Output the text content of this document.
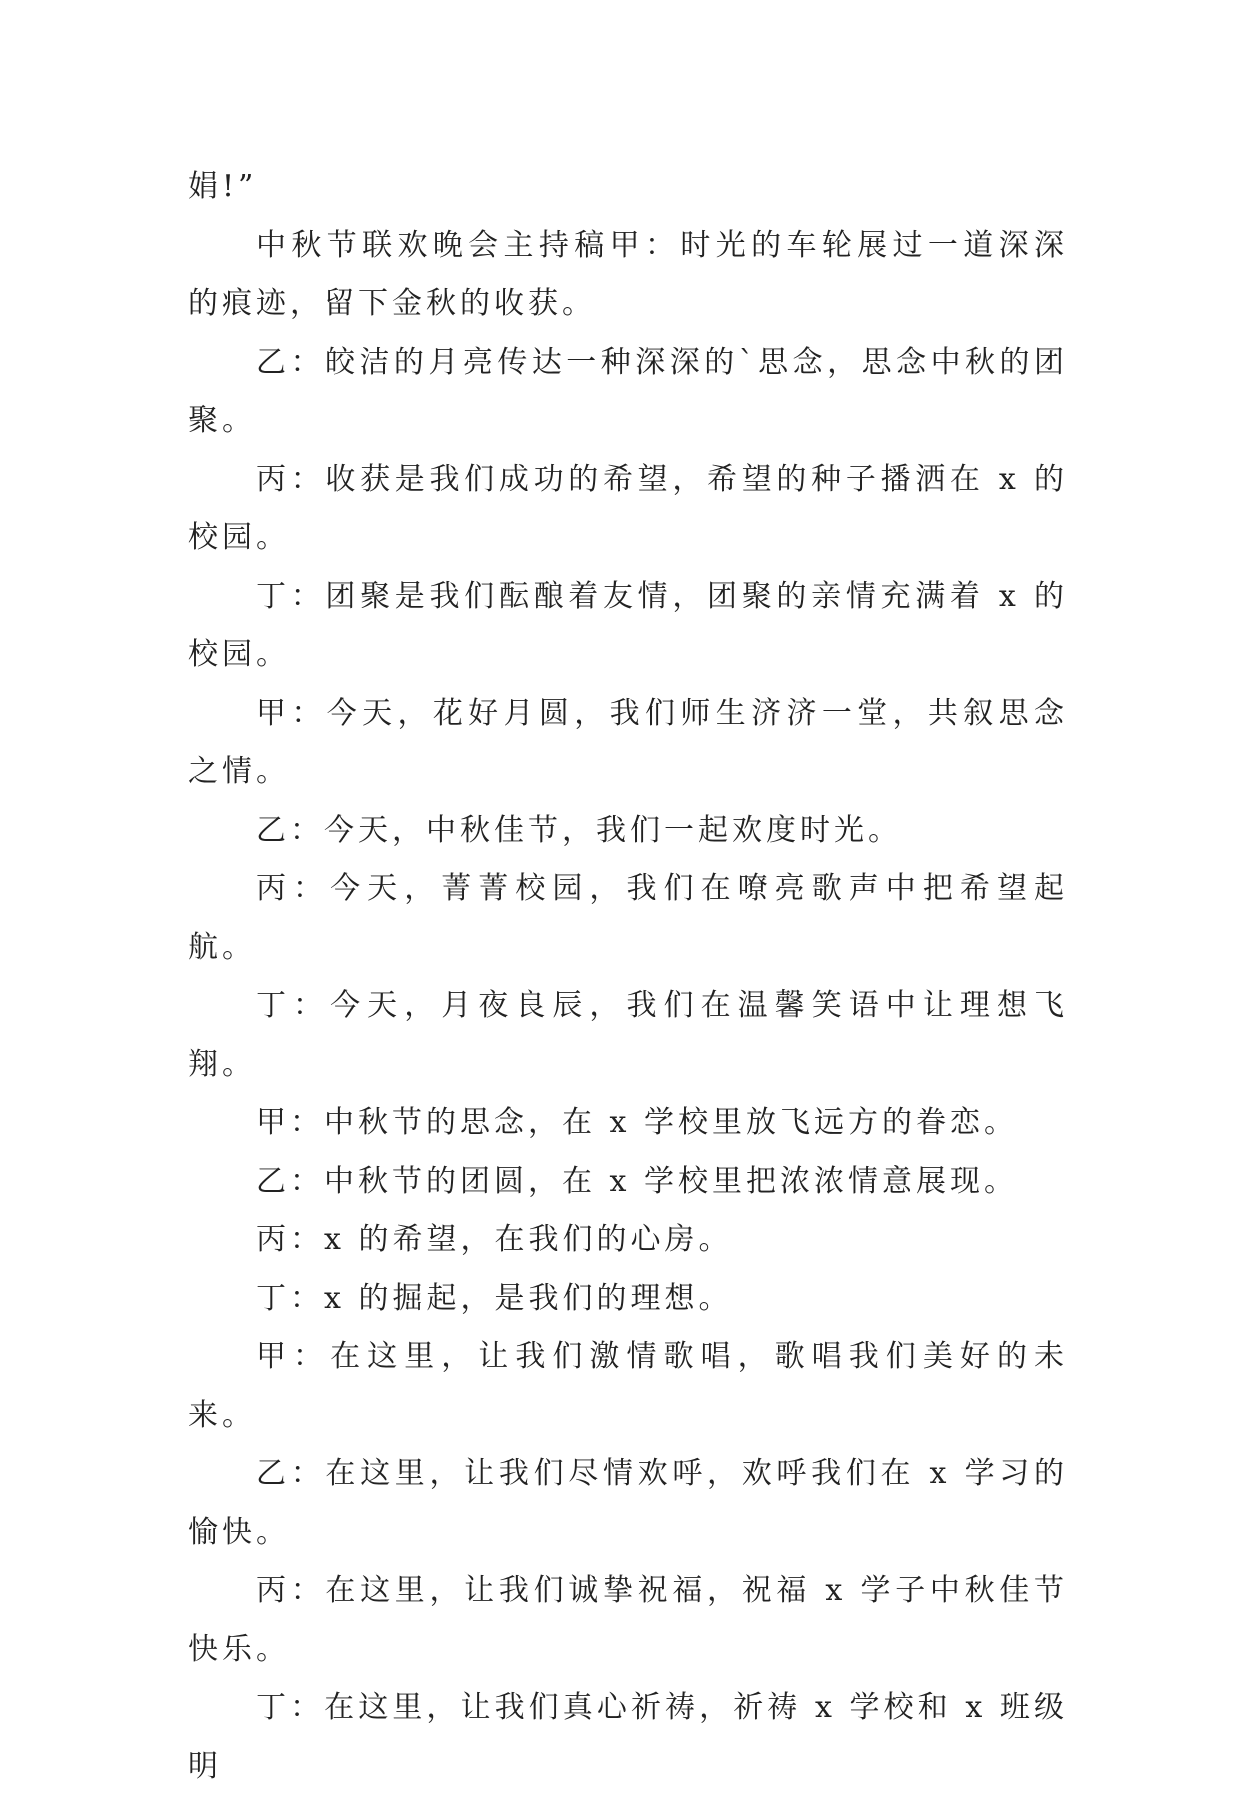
娟!”

中秋节联欢晚会主持稿甲：时光的车轮展过一道深深的痕迹，留下金秋的收获。

乙：皎洁的月亮传达一种深深的`思念，思念中秋的团聚。

丙：收获是我们成功的希望，希望的种子播洒在 x 的校园。

丁：团聚是我们酝酿着友情，团聚的亲情充满着 x 的校园。

甲：今天，花好月圆，我们师生济济一堂，共叙思念之情。

乙：今天，中秋佳节，我们一起欢度时光。

丙：今天，菁菁校园，我们在嘹亮歌声中把希望起航。

丁：今天，月夜良辰，我们在温馨笑语中让理想飞翔。

甲：中秋节的思念，在 x 学校里放飞远方的眷恋。

乙：中秋节的团圆，在 x 学校里把浓浓情意展现。

丙：x 的希望，在我们的心房。

丁：x 的掘起，是我们的理想。

甲：在这里，让我们激情歌唱，歌唱我们美好的未来。

乙：在这里，让我们尽情欢呼，欢呼我们在 x 学习的愉快。

丙：在这里，让我们诚挚祝福，祝福 x 学子中秋佳节快乐。

丁：在这里，让我们真心祈祷，祈祷 x 学校和 x 班级明
